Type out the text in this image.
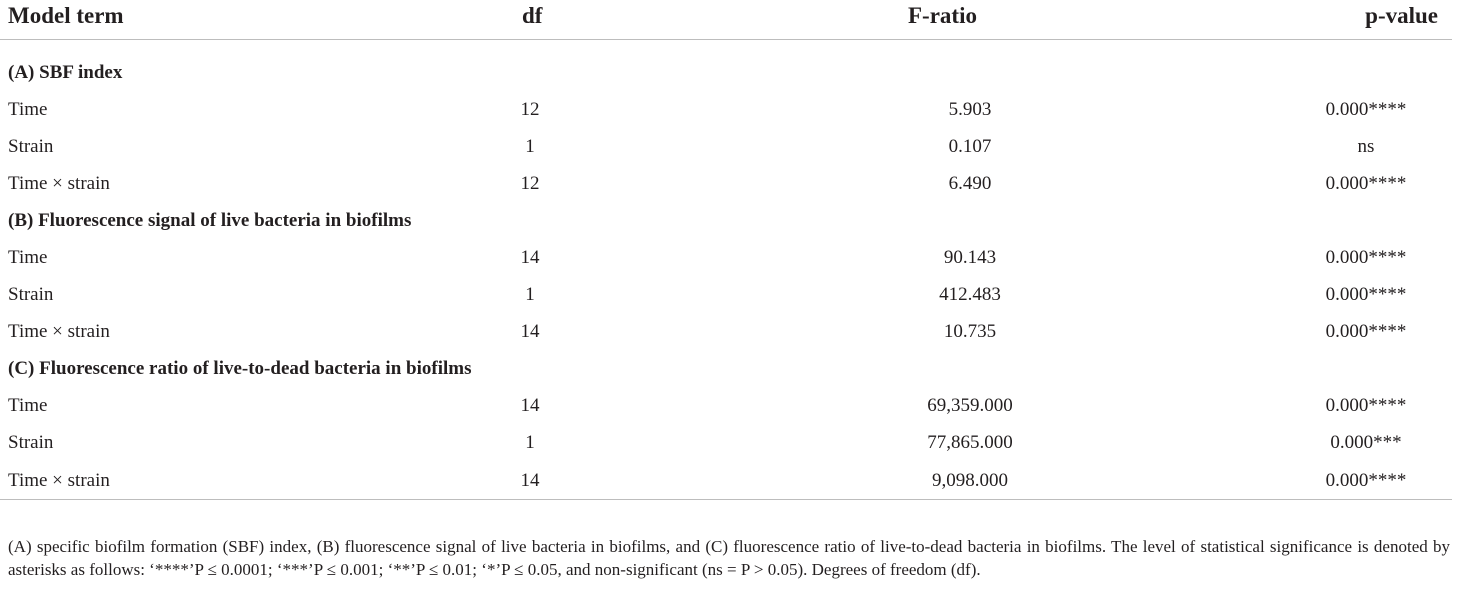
Model term	df	F-ratio	p-value

(A) SBF index			
Time	12	5.903	0.000****
Strain	1	0.107	ns
Time × strain	12	6.490	0.000****
(B) Fluorescence signal of live bacteria in biofilms			
Time	14	90.143	0.000****
Strain	1	412.483	0.000****
Time × strain	14	10.735	0.000****
(C) Fluorescence ratio of live-to-dead bacteria in biofilms			
Time	14	69,359.000	0.000****
Strain	1	77,865.000	0.000***
Time × strain	14	9,098.000	0.000****
(A) specific biofilm formation (SBF) index, (B) fluorescence signal of live bacteria in biofilms, and (C) fluorescence ratio of live-to-dead bacteria in biofilms. The level of statistical significance is denoted by asterisks as follows: ‘****’P ≤ 0.0001; ‘***’P ≤ 0.001; ‘**’P ≤ 0.01; ‘*’P ≤ 0.05, and non-significant (ns = P > 0.05). Degrees of freedom (df).
